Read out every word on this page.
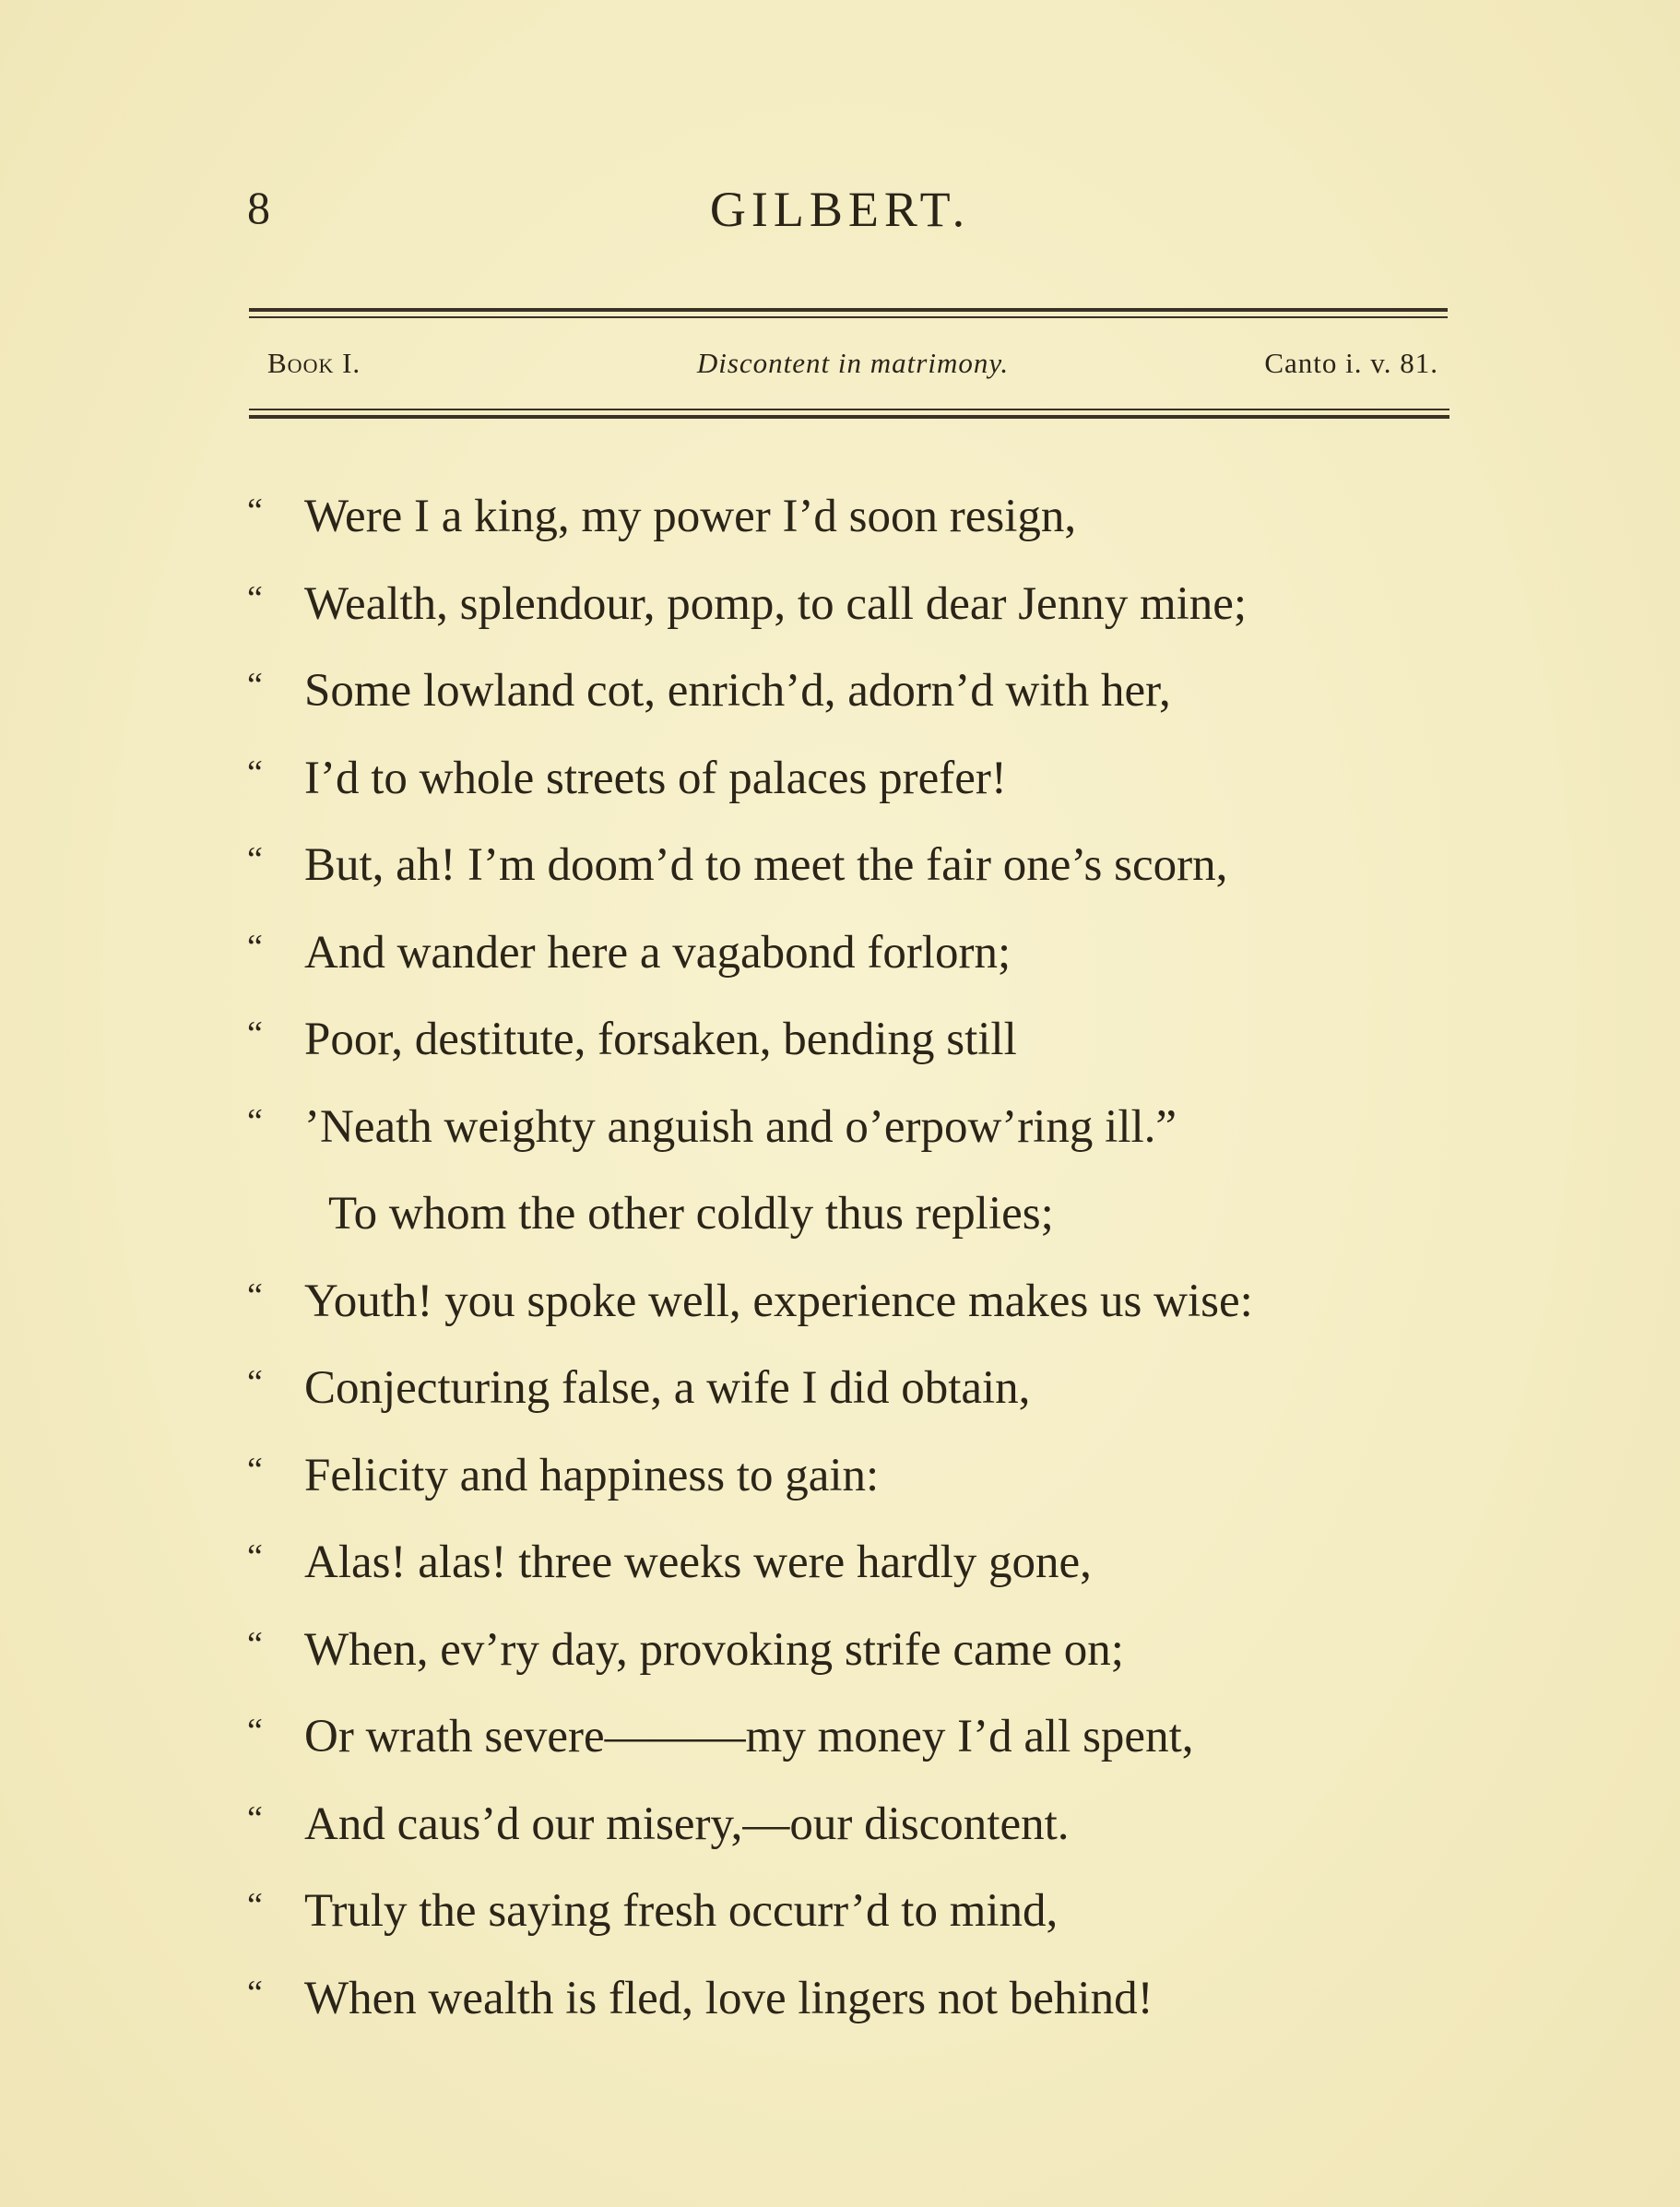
8	GILBERT.
Book I.	Discontent in matrimony.	Canto i. v. 81.
“ Were I a king, my power I’d soon resign,
“ Wealth, splendour, pomp, to call dear Jenny mine;
“ Some lowland cot, enrich’d, adorn’d with her,
“ I’d to whole streets of palaces prefer!
“ But, ah! I’m doom’d to meet the fair one’s scorn,
“ And wander here a vagabond forlorn;
“ Poor, destitute, forsaken, bending still
“ ’Neath weighty anguish and o’erpow’ring ill.”
To whom the other coldly thus replies;
“ Youth! you spoke well, experience makes us wise:
“ Conjecturing false, a wife I did obtain,
“ Felicity and happiness to gain:
“ Alas! alas! three weeks were hardly gone,
“ When, ev’ry day, provoking strife came on;
“ Or wrath severe———my money I’d all spent,
“ And caus’d our misery,—our discontent.
“ Truly the saying fresh occurr’d to mind,
“ When wealth is fled, love lingers not behind!
